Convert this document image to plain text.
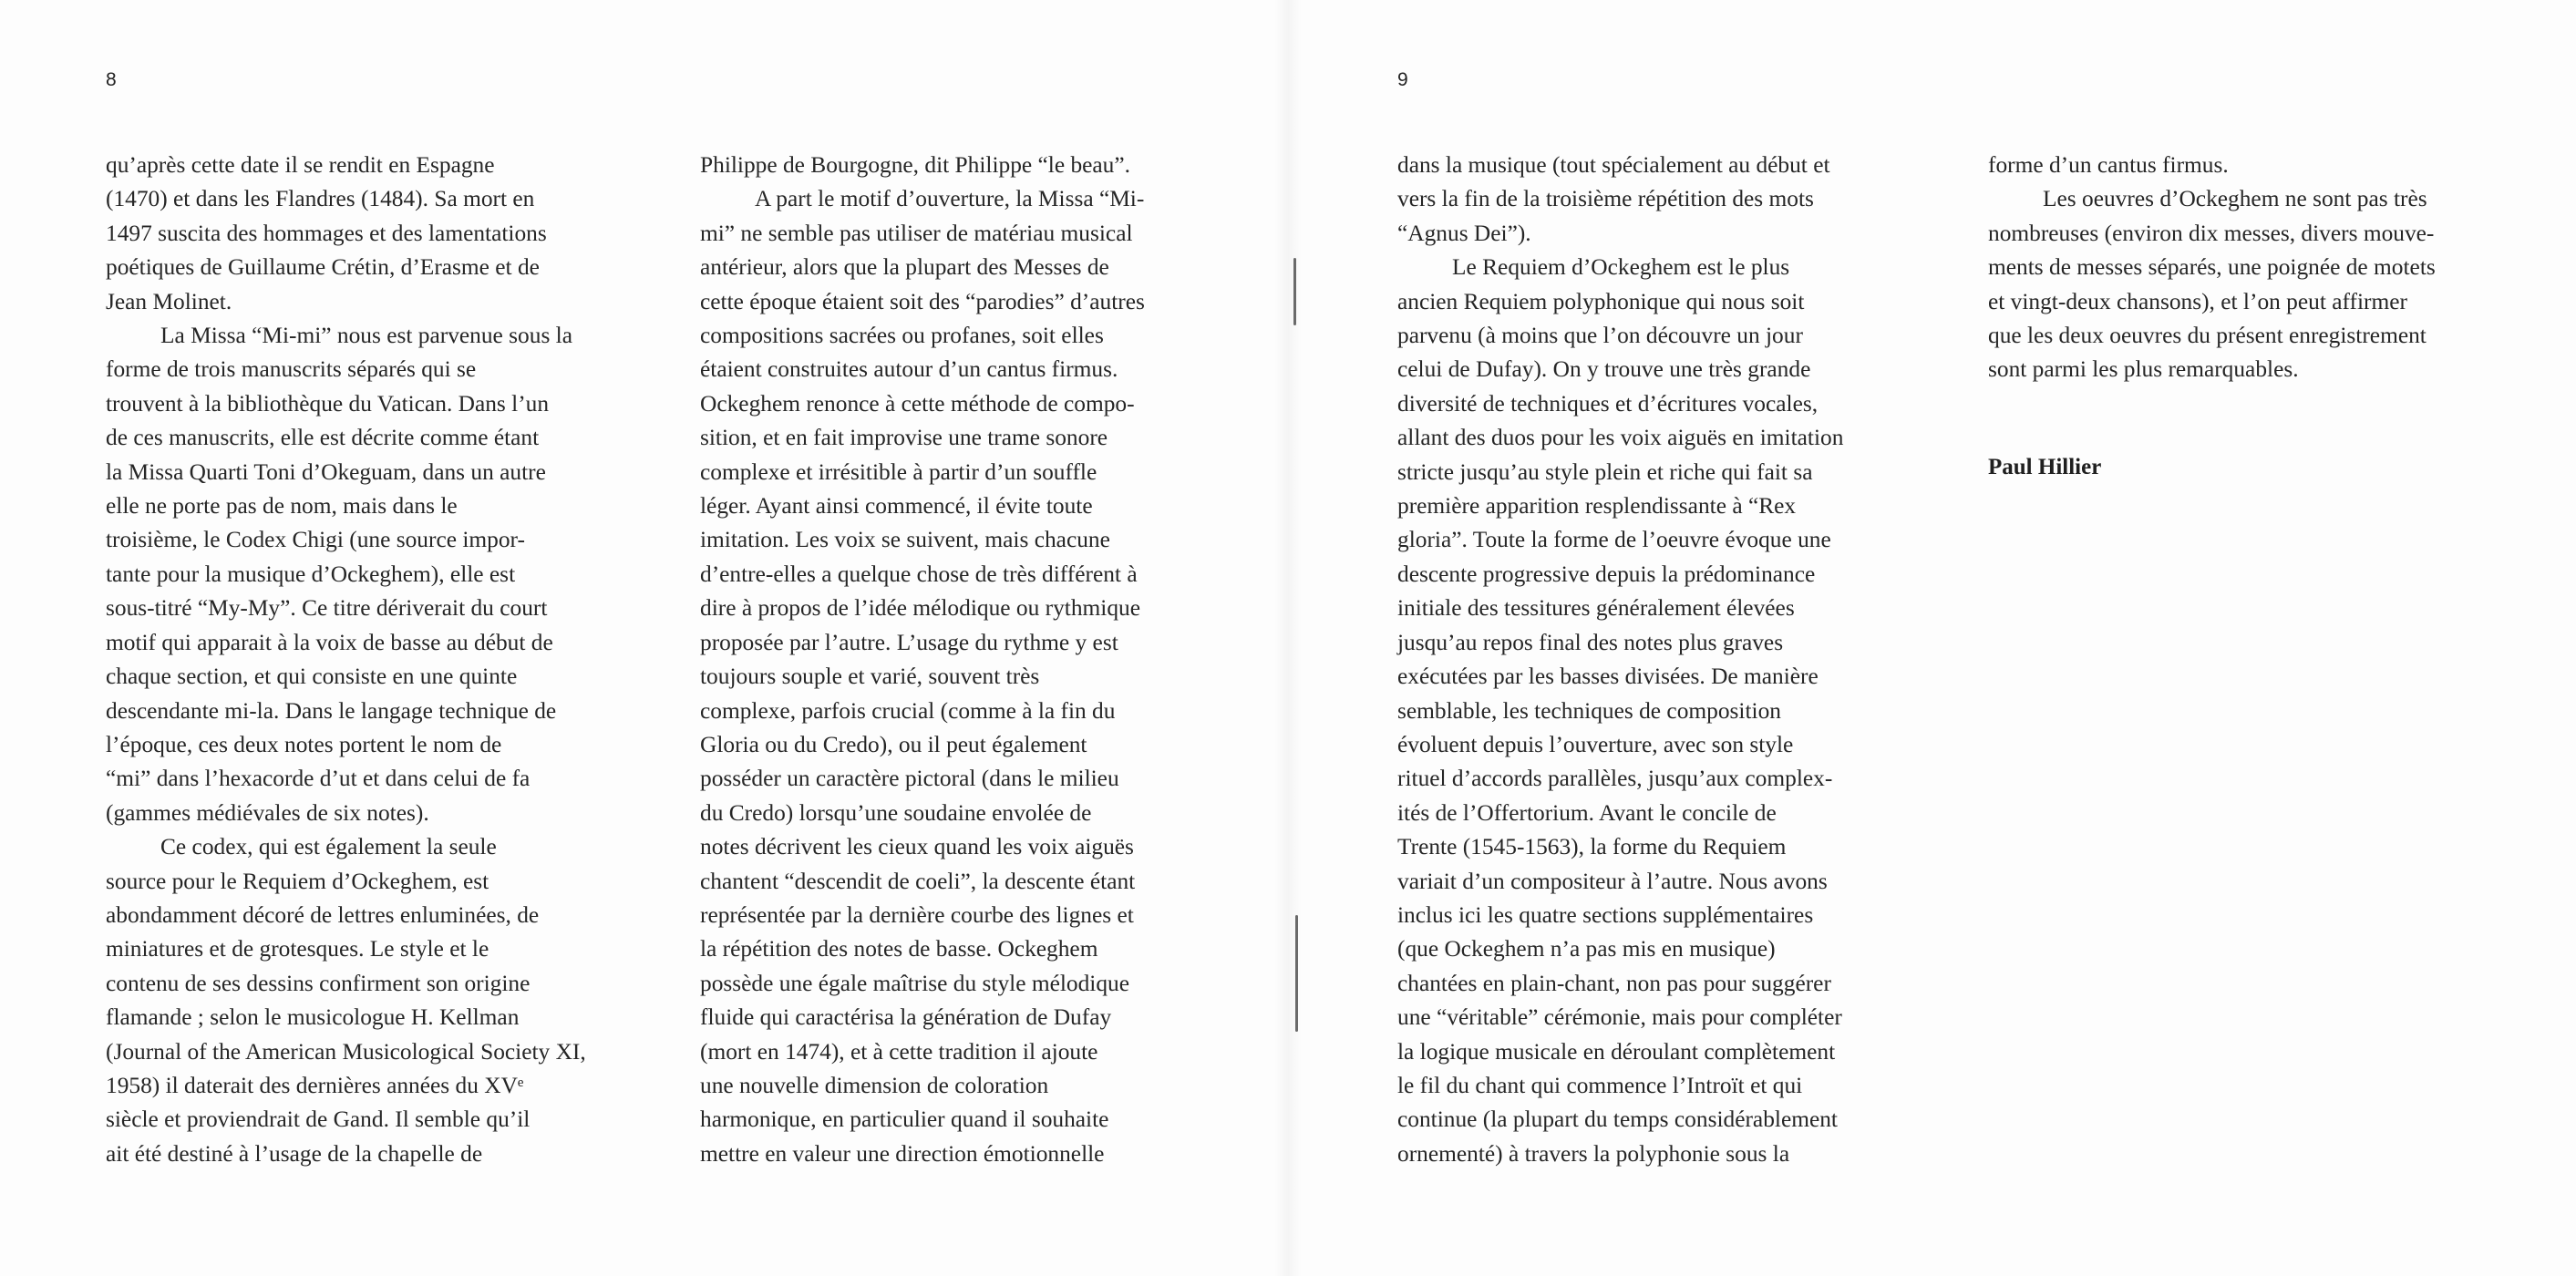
8
qu’après cette date il se rendit en Espagne
(1470) et dans les Flandres (1484). Sa mort en
1497 suscita des hommages et des lamentations
poétiques de Guillaume Crétin, d’Erasme et de
Jean Molinet.
La Missa “Mi-mi” nous est parvenue sous la
forme de trois manuscrits séparés qui se
trouvent à la bibliothèque du Vatican. Dans l’un
de ces manuscrits, elle est décrite comme étant
la Missa Quarti Toni d’Okeguam, dans un autre
elle ne porte pas de nom, mais dans le
troisième, le Codex Chigi (une source impor-
tante pour la musique d’Ockeghem), elle est
sous-titré “My-My”. Ce titre dériverait du court
motif qui apparait à la voix de basse au début de
chaque section, et qui consiste en une quinte
descendante mi-la. Dans le langage technique de
l’époque, ces deux notes portent le nom de
“mi” dans l’hexacorde d’ut et dans celui de fa
(gammes médiévales de six notes).
Ce codex, qui est également la seule
source pour le Requiem d’Ockeghem, est
abondamment décoré de lettres enluminées, de
miniatures et de grotesques. Le style et le
contenu de ses dessins confirment son origine
flamande ; selon le musicologue H. Kellman
(Journal of the American Musicological Society XI,
1958) il daterait des dernières années du XVᵉ
siècle et proviendrait de Gand. Il semble qu’il
ait été destiné à l’usage de la chapelle de
Philippe de Bourgogne, dit Philippe “le beau”.
A part le motif d’ouverture, la Missa “Mi-
mi” ne semble pas utiliser de matériau musical
antérieur, alors que la plupart des Messes de
cette époque étaient soit des “parodies” d’autres
compositions sacrées ou profanes, soit elles
étaient construites autour d’un cantus firmus.
Ockeghem renonce à cette méthode de compo-
sition, et en fait improvise une trame sonore
complexe et irrésitible à partir d’un souffle
léger. Ayant ainsi commencé, il évite toute
imitation. Les voix se suivent, mais chacune
d’entre-elles a quelque chose de très différent à
dire à propos de l’idée mélodique ou rythmique
proposée par l’autre. L’usage du rythme y est
toujours souple et varié, souvent très
complexe, parfois crucial (comme à la fin du
Gloria ou du Credo), ou il peut également
posséder un caractère pictoral (dans le milieu
du Credo) lorsqu’une soudaine envolée de
notes décrivent les cieux quand les voix aiguës
chantent “descendit de coeli”, la descente étant
représentée par la dernière courbe des lignes et
la répétition des notes de basse. Ockeghem
possède une égale maîtrise du style mélodique
fluide qui caractérisa la génération de Dufay
(mort en 1474), et à cette tradition il ajoute
une nouvelle dimension de coloration
harmonique, en particulier quand il souhaite
mettre en valeur une direction émotionnelle
9
dans la musique (tout spécialement au début et
vers la fin de la troisième répétition des mots
“Agnus Dei”).
Le Requiem d’Ockeghem est le plus
ancien Requiem polyphonique qui nous soit
parvenu (à moins que l’on découvre un jour
celui de Dufay). On y trouve une très grande
diversité de techniques et d’écritures vocales,
allant des duos pour les voix aiguës en imitation
stricte jusqu’au style plein et riche qui fait sa
première apparition resplendissante à “Rex
gloria”. Toute la forme de l’oeuvre évoque une
descente progressive depuis la prédominance
initiale des tessitures généralement élevées
jusqu’au repos final des notes plus graves
exécutées par les basses divisées. De manière
semblable, les techniques de composition
évoluent depuis l’ouverture, avec son style
rituel d’accords parallèles, jusqu’aux complex-
ités de l’Offertorium. Avant le concile de
Trente (1545-1563), la forme du Requiem
variait d’un compositeur à l’autre. Nous avons
inclus ici les quatre sections supplémentaires
(que Ockeghem n’a pas mis en musique)
chantées en plain-chant, non pas pour suggérer
une “véritable” cérémonie, mais pour compléter
la logique musicale en déroulant complètement
le fil du chant qui commence l’Introït et qui
continue (la plupart du temps considérablement
ornementé) à travers la polyphonie sous la
forme d’un cantus firmus.
Les oeuvres d’Ockeghem ne sont pas très
nombreuses (environ dix messes, divers mouve-
ments de messes séparés, une poignée de motets
et vingt-deux chansons), et l’on peut affirmer
que les deux oeuvres du présent enregistrement
sont parmi les plus remarquables.
Paul Hillier
